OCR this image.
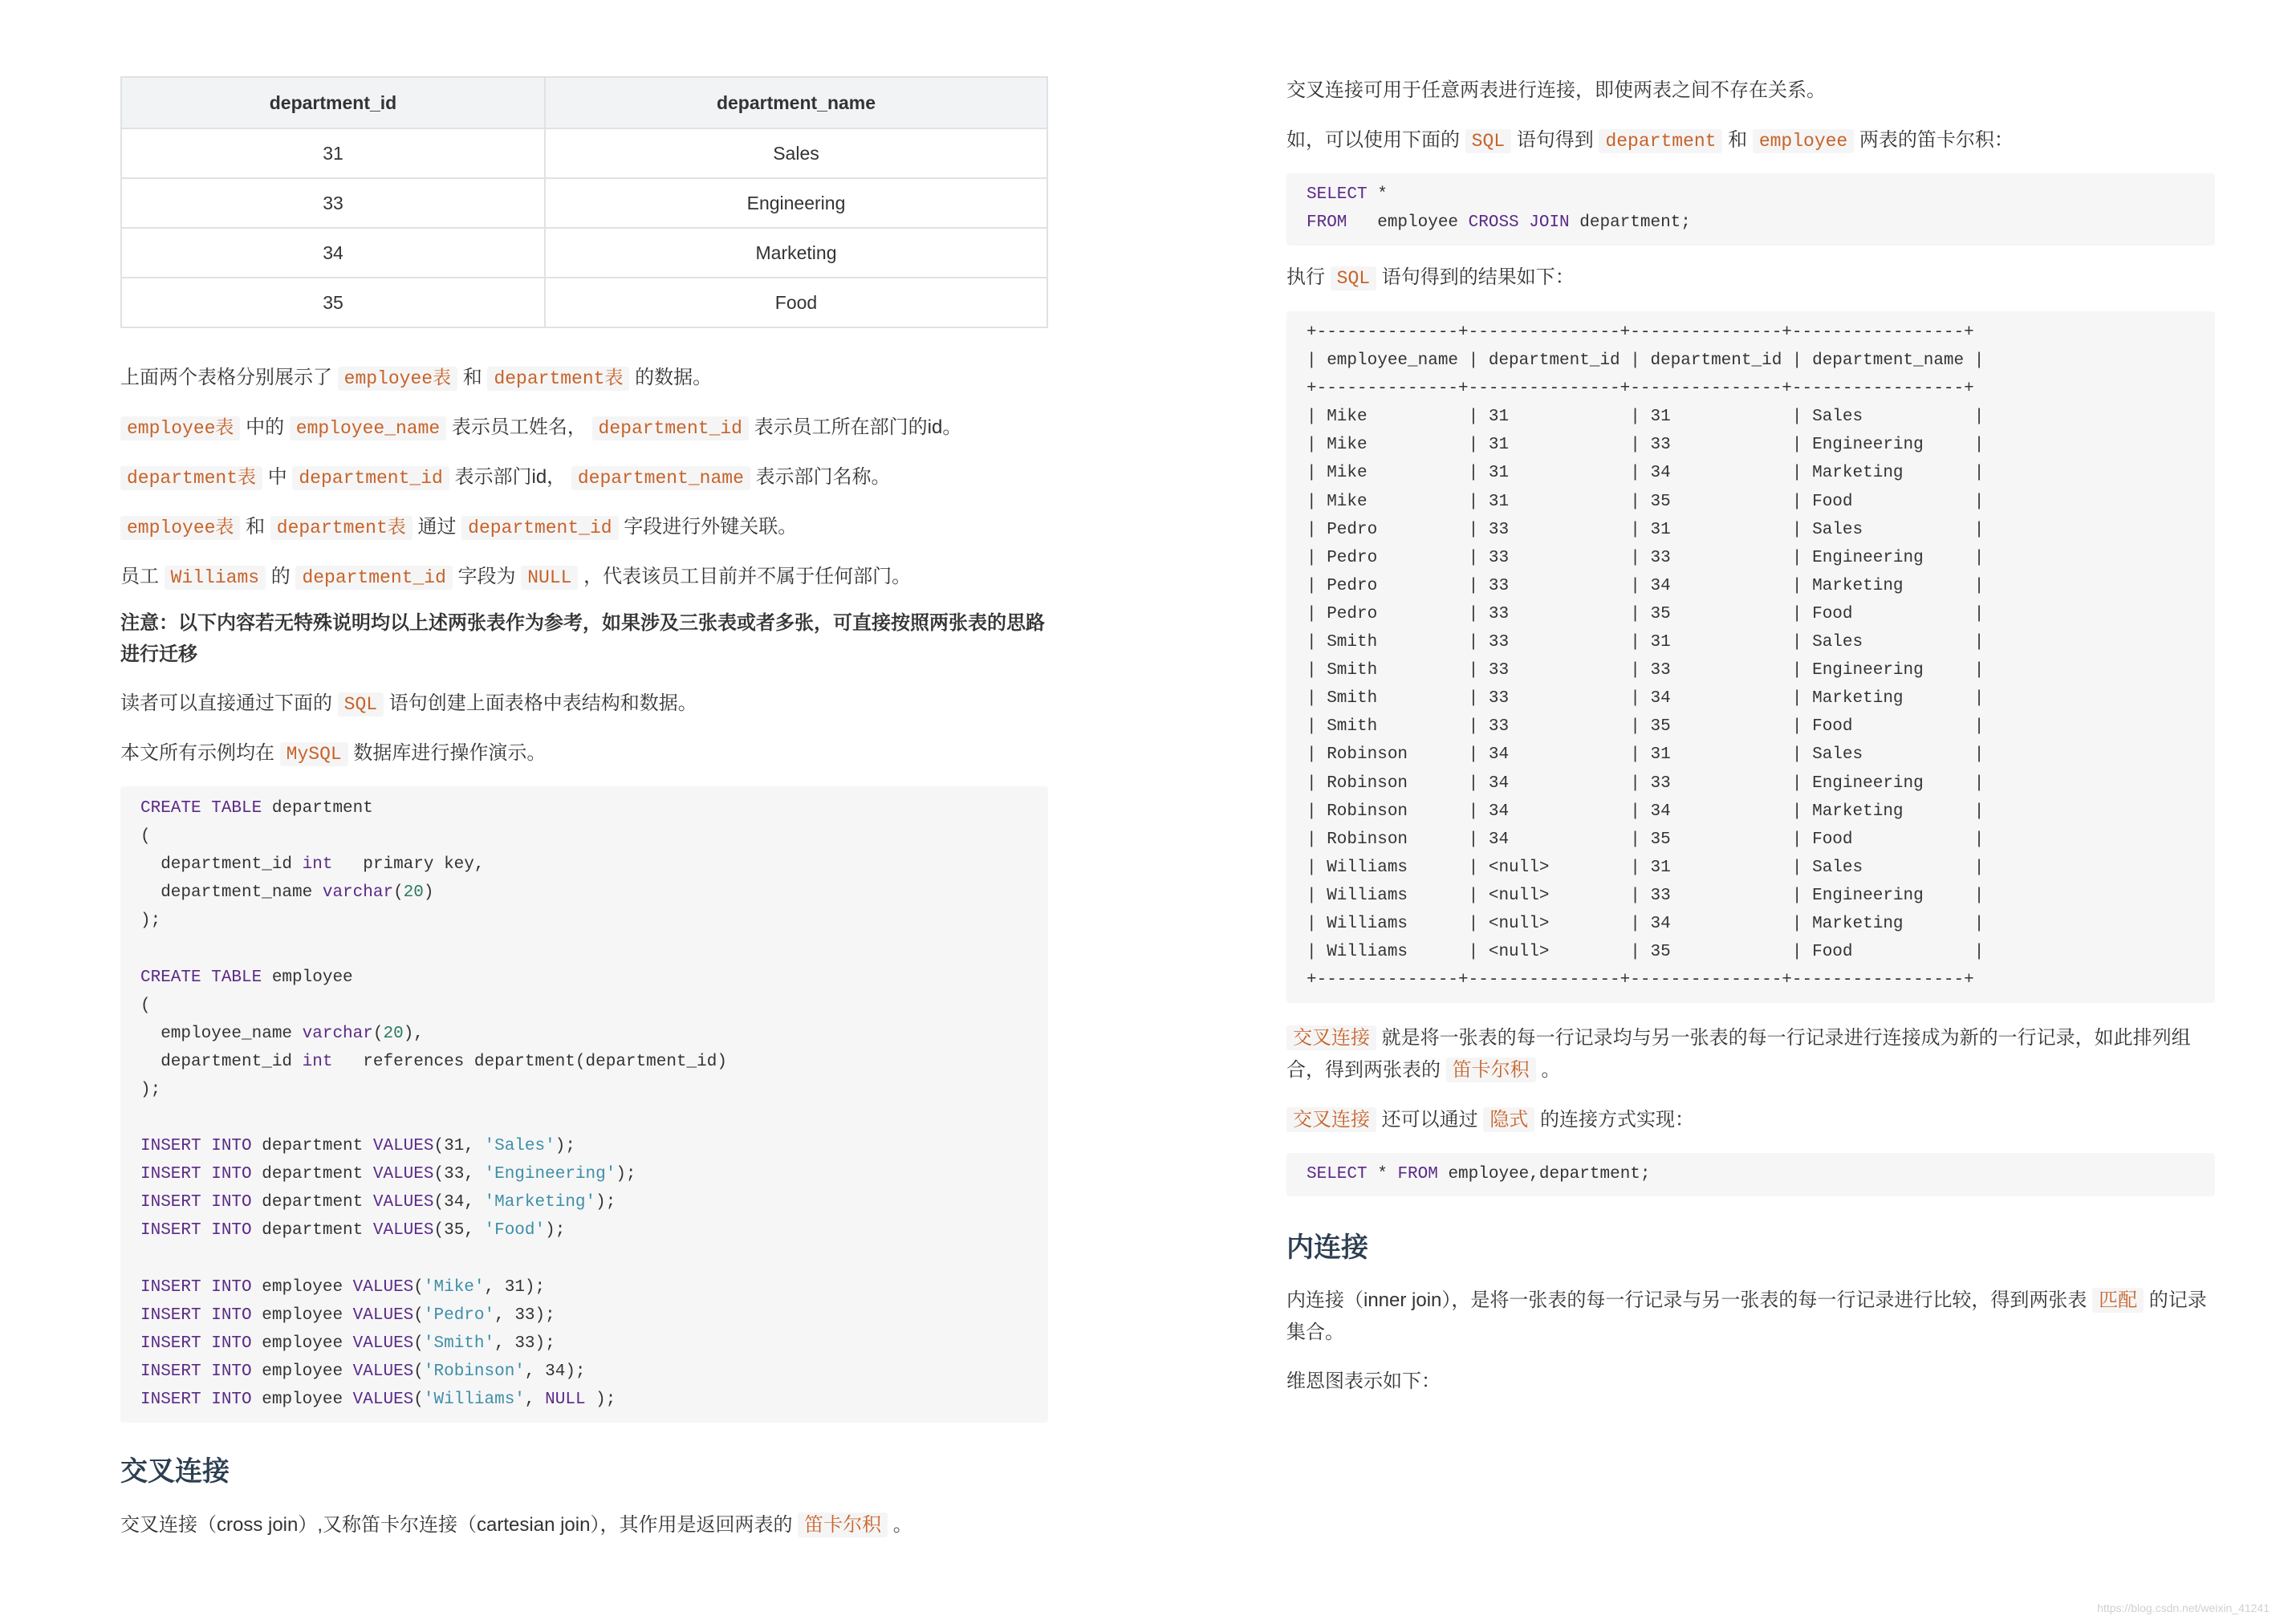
department_id	department_name
31	Sales
33	Engineering
34	Marketing
35	Food

上面两个表格分别展示了 employee表 和 department表 的数据。

employee表 中的 employee_name 表示员工姓名， department_id 表示员工所在部门的id。

department表 中 department_id 表示部门id， department_name 表示部门名称。

employee表 和 department表 通过 department_id 字段进行外键关联。

员工 Williams 的 department_id 字段为 NULL ，代表该员工目前并不属于任何部门。

注意：以下内容若无特殊说明均以上述两张表作为参考，如果涉及三张表或者多张，可直接按照两张表的思路进行迁移

读者可以直接通过下面的 SQL 语句创建上面表格中表结构和数据。

本文所有示例均在 MySQL 数据库进行操作演示。

CREATE TABLE department
(
department_id int   primary key,
department_name varchar(20)
);

CREATE TABLE employee
(
employee_name varchar(20),
department_id int   references department(department_id)
);

INSERT INTO department VALUES(31, 'Sales');
INSERT INTO department VALUES(33, 'Engineering');
INSERT INTO department VALUES(34, 'Marketing');
INSERT INTO department VALUES(35, 'Food');

INSERT INTO employee VALUES('Mike', 31);
INSERT INTO employee VALUES('Pedro', 33);
INSERT INTO employee VALUES('Smith', 33);
INSERT INTO employee VALUES('Robinson', 34);
INSERT INTO employee VALUES('Williams', NULL );
交叉连接

交叉连接（cross join）,又称笛卡尔连接（cartesian join），其作用是返回两表的 笛卡尔积 。

交叉连接可用于任意两表进行连接，即使两表之间不存在关系。

如，可以使用下面的 SQL 语句得到 department 和 employee 两表的笛卡尔积：

SELECT *
FROM   employee CROSS JOIN department;

执行 SQL 语句得到的结果如下：

+--------------+---------------+---------------+-----------------+
| employee_name | department_id | department_id | department_name |
+--------------+---------------+---------------+-----------------+
| Mike          | 31            | 31            | Sales           |
| Mike          | 31            | 33            | Engineering     |
| Mike          | 31            | 34            | Marketing       |
| Mike          | 31            | 35            | Food            |
| Pedro         | 33            | 31            | Sales           |
| Pedro         | 33            | 33            | Engineering     |
| Pedro         | 33            | 34            | Marketing       |
| Pedro         | 33            | 35            | Food            |
| Smith         | 33            | 31            | Sales           |
| Smith         | 33            | 33            | Engineering     |
| Smith         | 33            | 34            | Marketing       |
| Smith         | 33            | 35            | Food            |
| Robinson      | 34            | 31            | Sales           |
| Robinson      | 34            | 33            | Engineering     |
| Robinson      | 34            | 34            | Marketing       |
| Robinson      | 34            | 35            | Food            |
| Williams      | <null>        | 31            | Sales           |
| Williams      | <null>        | 33            | Engineering     |
| Williams      | <null>        | 34            | Marketing       |
| Williams      | <null>        | 35            | Food            |
+--------------+---------------+---------------+-----------------+

交叉连接 就是将一张表的每一行记录均与另一张表的每一行记录进行连接成为新的一行记录，如此排列组合，得到两张表的 笛卡尔积 。

交叉连接 还可以通过 隐式 的连接方式实现：

SELECT * FROM employee,department;
内连接

内连接（inner join），是将一张表的每一行记录与另一张表的每一行记录进行比较，得到两张表 匹配 的记录集合。

维恩图表示如下：

https://blog.csdn.net/weixin_41241
